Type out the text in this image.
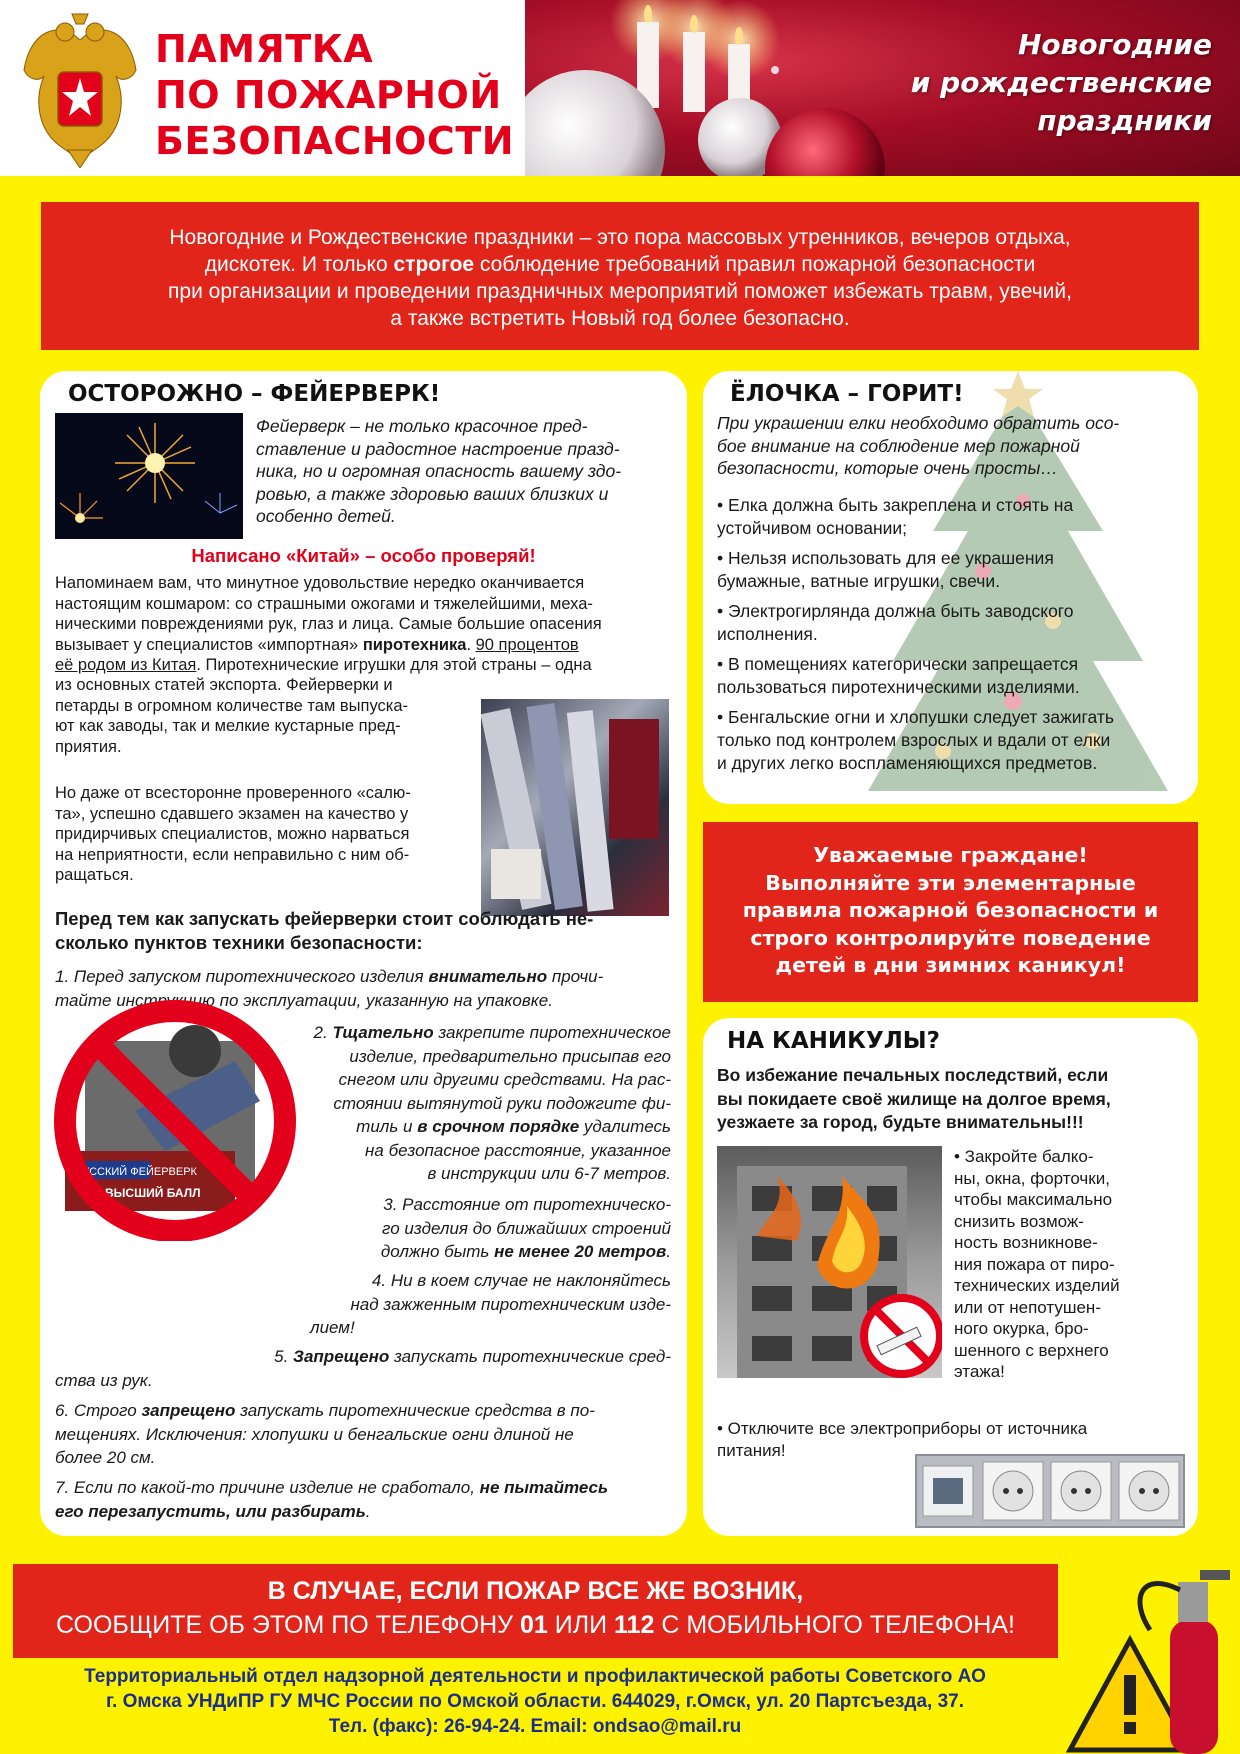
ПАМЯТКА
ПО ПОЖАРНОЙ
БЕЗОПАСНОСТИ
Новогодние
и рождественские
праздники
Новогодние и Рождественские праздники – это пора массовых утренников, вечеров отдыха,
дискотек. И только строгое соблюдение требований правил пожарной безопасности
при организации и проведении праздничных мероприятий поможет избежать травм, увечий,
а также встретить Новый год более безопасно.
ОСТОРОЖНО – ФЕЙЕРВЕРК!
Фейерверк – не только красочное пред-
ставление и радостное настроение празд-
ника, но и огромная опасность вашему здо-
ровью, а также здоровью ваших близких и
особенно детей.
Написано «Китай» – особо проверяй!
Напоминаем вам, что минутное удовольствие нередко оканчивается
настоящим кошмаром: со страшными ожогами и тяжелейшими, меха-
ническими повреждениями рук, глаз и лица. Самые большие опасения
вызывает у специалистов «импортная» пиротехника. 90 процентов
её родом из Китая. Пиротехнические игрушки для этой страны – одна
из основных статей экспорта. Фейерверки и
петарды в огромном количестве там выпуска-
ют как заводы, так и мелкие кустарные пред-
приятия.
Но даже от всесторонне проверенного «салю-
та», успешно сдавшего экзамен на качество у
придирчивых специалистов, можно нарваться
на неприятности, если неправильно с ним об-
ращаться.
Перед тем как запускать фейерверки стоит соблюдать не-
сколько пунктов техники безопасности:
1. Перед запуском пиротехнического изделия внимательно прочи-
тайте инструкцию по эксплуатации, указанную на упаковке.
РУССКИЙ ФЕЙЕРВЕРК
ВЫСШИЙ БАЛЛ
2. Тщательно закрепите пиротехническое
изделие, предварительно присыпав его
снегом или другими средствами. На рас-
стоянии вытянутой руки подожгите фи-
тиль и в срочном порядке удалитесь
на безопасное расстояние, указанное
в инструкции или 6-7 метров.
3. Расстояние от пиротехническо-
го изделия до ближайших строений
должно быть не менее 20 метров.
4. Ни в коем случае не наклоняйтесь
над зажженным пиротехническим изде-
лием!
5. Запрещено запускать пиротехнические сред-
ства из рук.
6. Строго запрещено запускать пиротехнические средства в по-
мещениях. Исключения: хлопушки и бенгальские огни длиной не
более 20 см.
7. Если по какой-то причине изделие не сработало, не пытайтесь
его перезапустить, или разбирать.
ЁЛОЧКА – ГОРИТ!
При украшении елки необходимо обратить осо-
бое внимание на соблюдение мер пожарной
безопасности, которые очень просты…
• Елка должна быть закреплена и стоять на
устойчивом основании;
• Нельзя использовать для ее украшения
бумажные, ватные игрушки, свечи.
• Электрогирлянда должна быть заводского
исполнения.
• В помещениях категорически запрещается
пользоваться пиротехническими изделиями.
• Бенгальские огни и хлопушки следует зажигать
только под контролем взрослых и вдали от елки
и других легко воспламеняющихся предметов.
Уважаемые граждане!
Выполняйте эти элементарные
правила пожарной безопасности и
строго контролируйте поведение
детей в дни зимних каникул!
НА КАНИКУЛЫ?
Во избежание печальных последствий, если
вы покидаете своё жилище на долгое время,
уезжаете за город, будьте внимательны!!!
• Закройте балко-
ны, окна, форточки,
чтобы максимально
снизить возмож-
ность возникнове-
ния пожара от пиро-
технических изделий
или от непотушен-
ного окурка, бро-
шенного с верхнего
этажа!
• Отключите все электроприборы от источника
питания!
В СЛУЧАЕ, ЕСЛИ ПОЖАР ВСЕ ЖЕ ВОЗНИК,
СООБЩИТЕ ОБ ЭТОМ ПО ТЕЛЕФОНУ 01 ИЛИ 112 С МОБИЛЬНОГО ТЕЛЕФОНА!
Территориальный отдел надзорной деятельности и профилактической работы Советского АО
г. Омска УНДиПР ГУ МЧС России по Омской области. 644029, г.Омск, ул. 20 Партсъезда, 37.
Тел. (факс): 26-94-24. Email: ondsao@mail.ru
